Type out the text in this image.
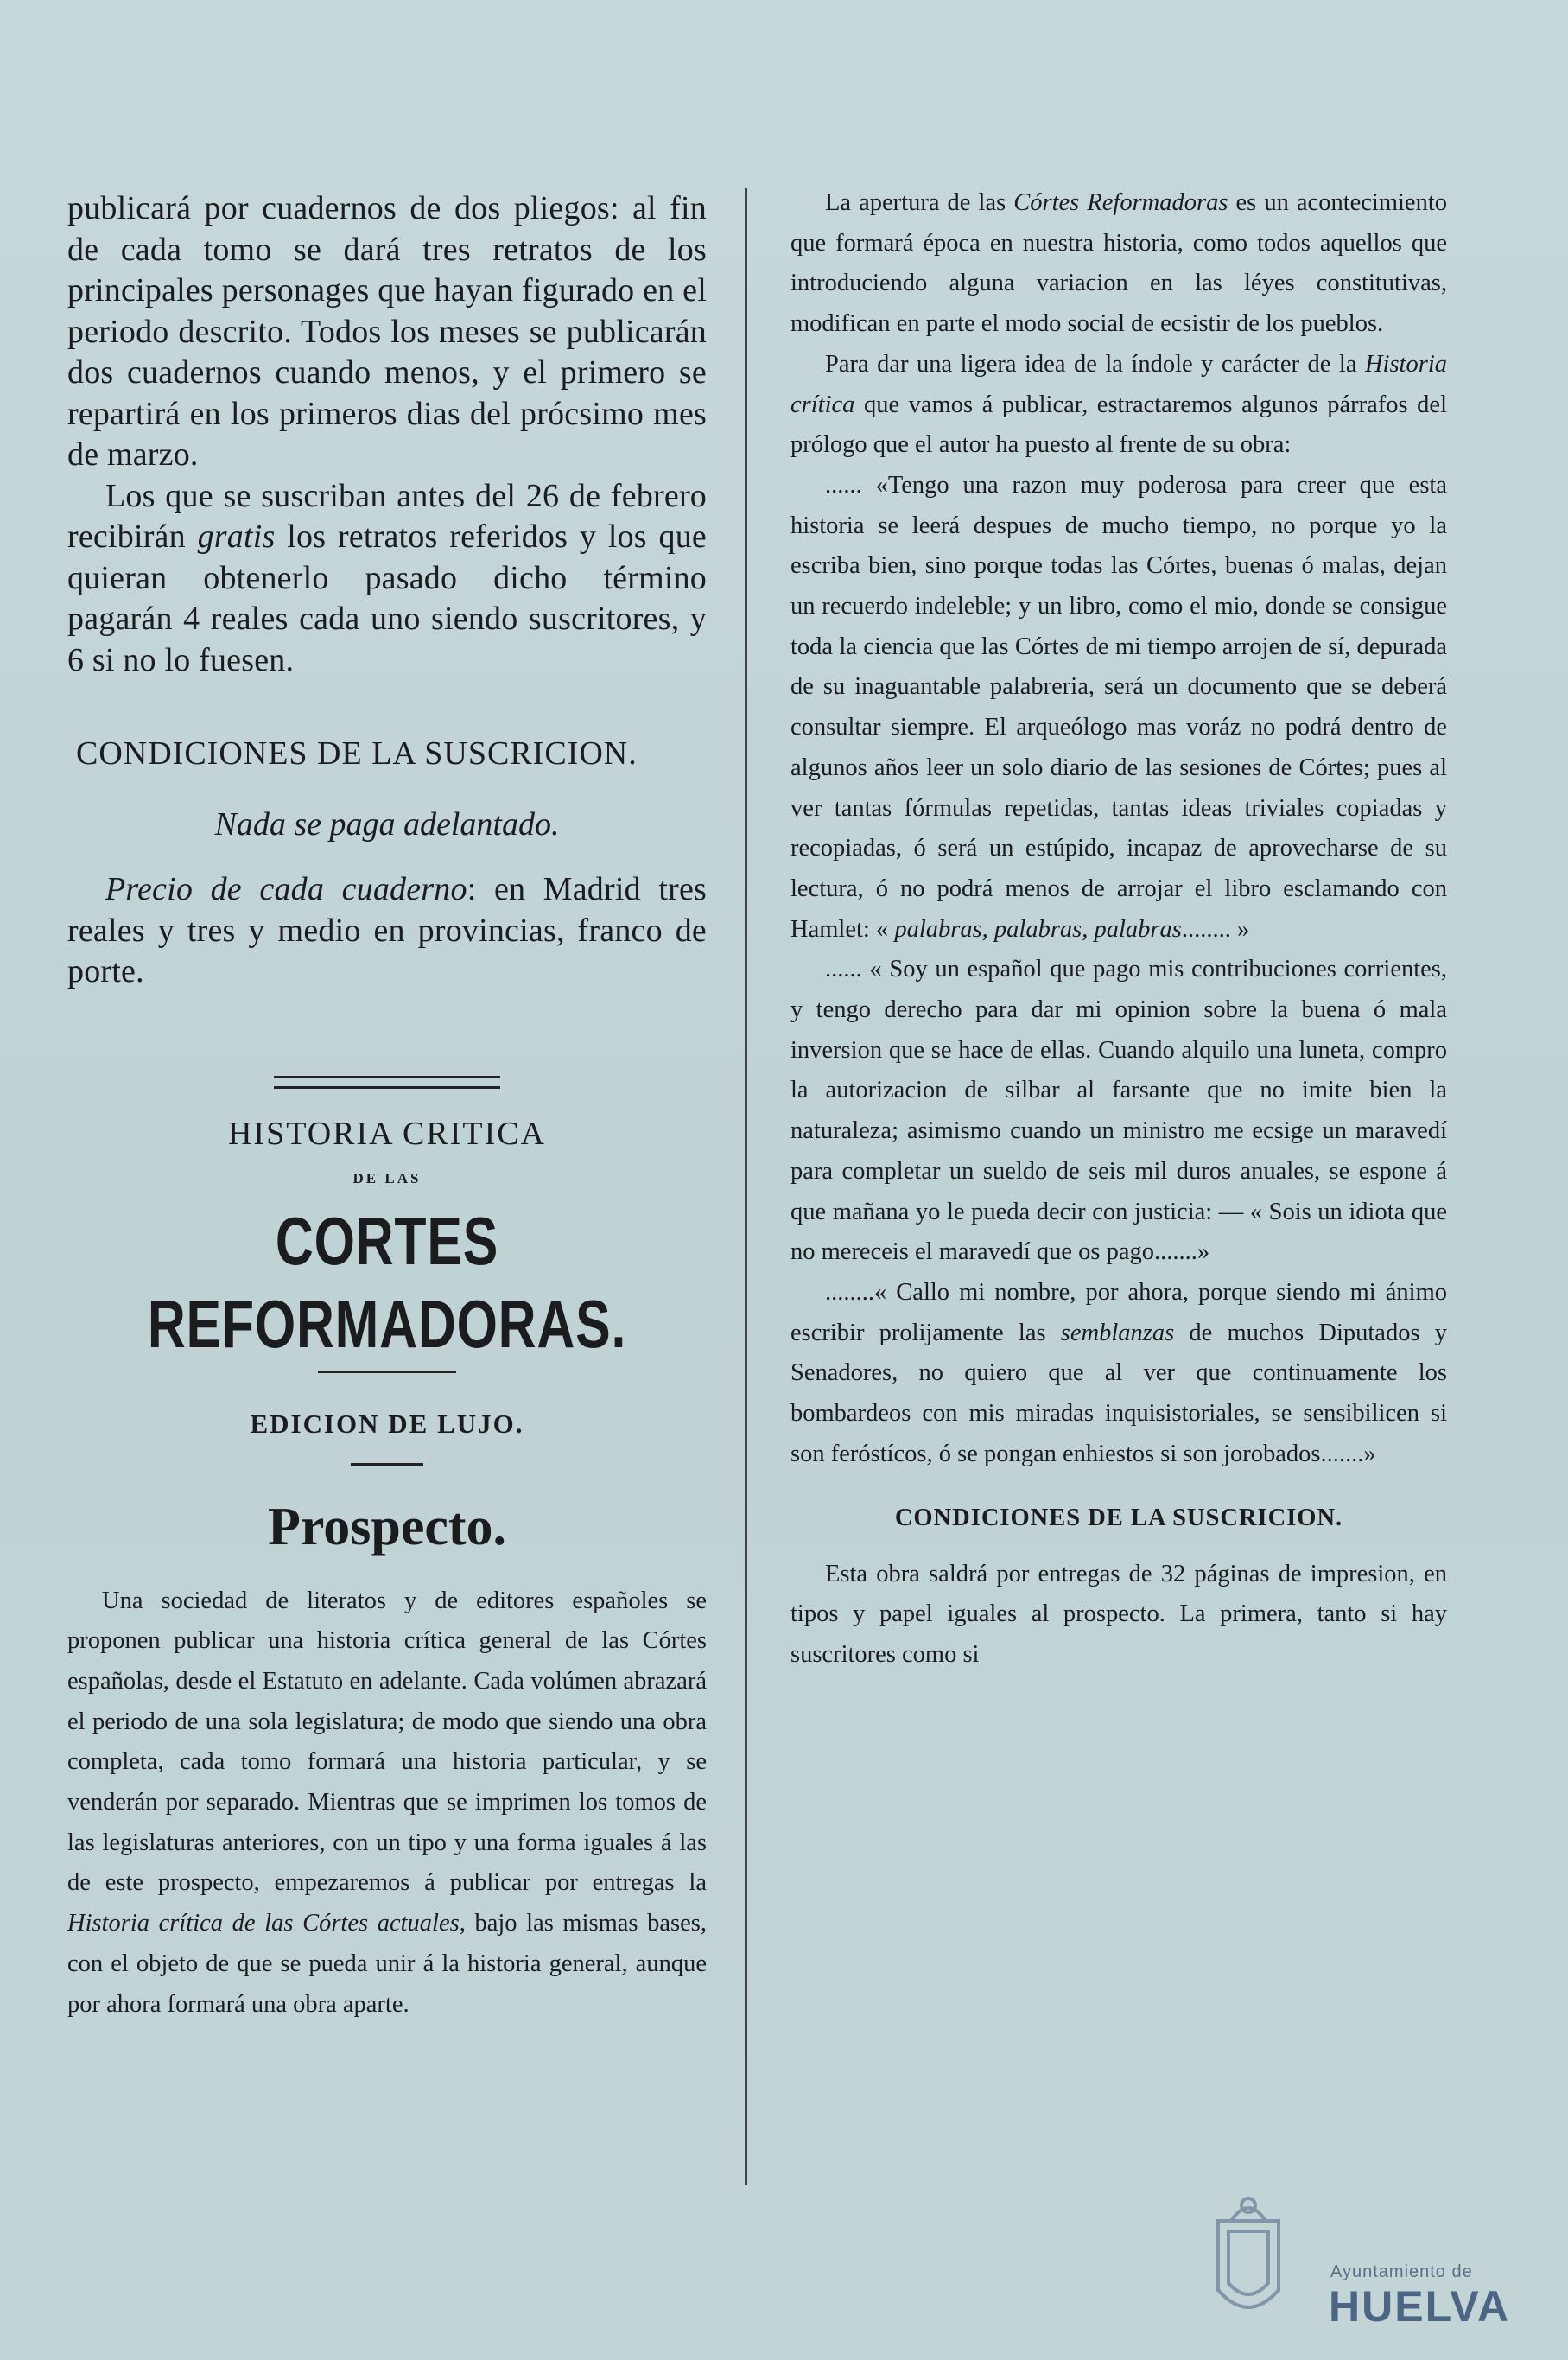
publicará por cuadernos de dos pliegos: al fin de cada tomo se dará tres retratos de los principales personages que hayan figurado en el periodo descrito. Todos los meses se publicarán dos cuadernos cuando menos, y el primero se repartirá en los primeros dias del prócsimo mes de marzo.

Los que se suscriban antes del 26 de febrero recibirán gratis los retratos referidos y los que quieran obtenerlo pasado dicho término pagarán 4 reales cada uno siendo suscritores, y 6 si no lo fuesen.

CONDICIONES DE LA SUSCRICION.
Nada se paga adelantado.

Precio de cada cuaderno: en Madrid tres reales y tres y medio en provincias, franco de porte.

HISTORIA CRITICA
DE LAS
CORTES REFORMADORAS.
EDICION DE LUJO.
Prospecto.

Una sociedad de literatos y de editores españoles se proponen publicar una historia crítica general de las Córtes españolas, desde el Estatuto en adelante. Cada volúmen abrazará el periodo de una sola legislatura; de modo que siendo una obra completa, cada tomo formará una historia particular, y se venderán por separado. Mientras que se imprimen los tomos de las legislaturas anteriores, con un tipo y una forma iguales á las de este prospecto, empezaremos á publicar por entregas la Historia crítica de las Córtes actuales, bajo las mismas bases, con el objeto de que se pueda unir á la historia general, aunque por ahora formará una obra aparte.

La apertura de las Córtes Reformadoras es un acontecimiento que formará época en nuestra historia, como todos aquellos que introduciendo alguna variacion en las léyes constitutivas, modifican en parte el modo social de ecsistir de los pueblos.

Para dar una ligera idea de la índole y carácter de la Historia crítica que vamos á publicar, estractaremos algunos párrafos del prólogo que el autor ha puesto al frente de su obra:

...... «Tengo una razon muy poderosa para creer que esta historia se leerá despues de mucho tiempo, no porque yo la escriba bien, sino porque todas las Córtes, buenas ó malas, dejan un recuerdo indeleble; y un libro, como el mio, donde se consigue toda la ciencia que las Córtes de mi tiempo arrojen de sí, depurada de su inaguantable palabreria, será un documento que se deberá consultar siempre. El arqueólogo mas voráz no podrá dentro de algunos años leer un solo diario de las sesiones de Córtes; pues al ver tantas fórmulas repetidas, tantas ideas triviales copiadas y recopiadas, ó será un estúpido, incapaz de aprovecharse de su lectura, ó no podrá menos de arrojar el libro esclamando con Hamlet: « palabras, palabras, palabras........ »

...... « Soy un español que pago mis contribuciones corrientes, y tengo derecho para dar mi opinion sobre la buena ó mala inversion que se hace de ellas. Cuando alquilo una luneta, compro la autorizacion de silbar al farsante que no imite bien la naturaleza; asimismo cuando un ministro me ecsige un maravedí para completar un sueldo de seis mil duros anuales, se espone á que mañana yo le pueda decir con justicia: — « Sois un idiota que no mereceis el maravedí que os pago.......»

........« Callo mi nombre, por ahora, porque siendo mi ánimo escribir prolijamente las semblanzas de muchos Diputados y Senadores, no quiero que al ver que continuamente los bombardeos con mis miradas inquisistoriales, se sensibilicen si son feróstícos, ó se pongan enhiestos si son jorobados.......»

CONDICIONES DE LA SUSCRICION.

Esta obra saldrá por entregas de 32 páginas de impresion, en tipos y papel iguales al prospecto. La primera, tanto si hay suscritores como si

Ayuntamiento de
HUELVA
